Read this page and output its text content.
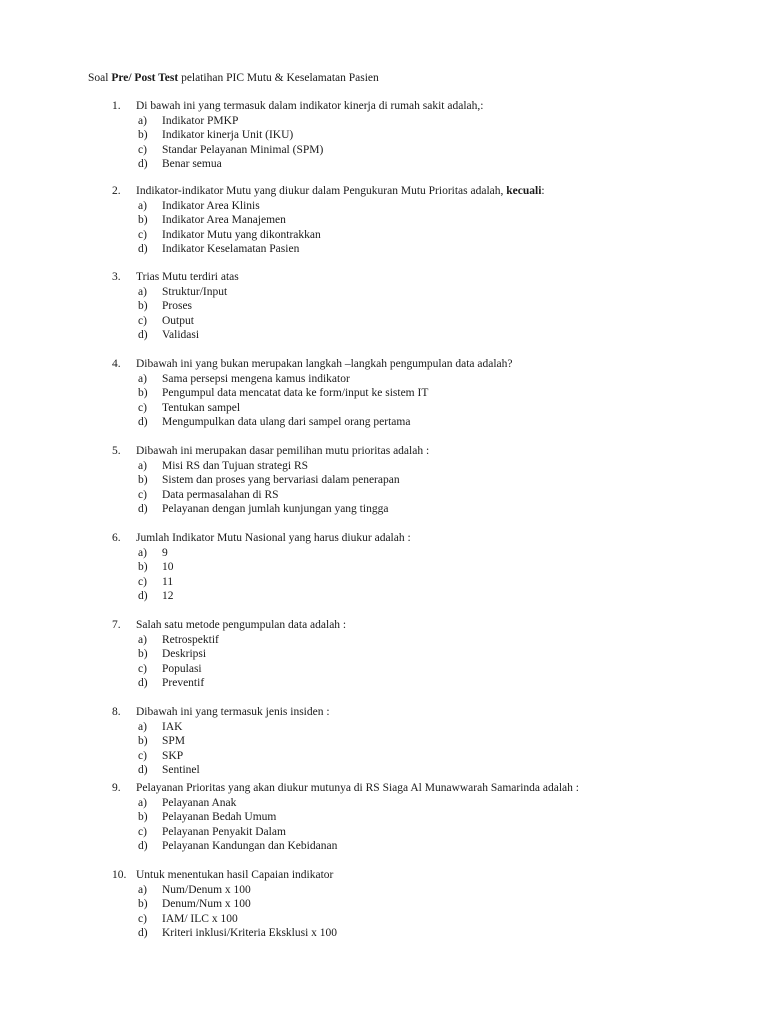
Soal Pre/ Post Test pelatihan PIC Mutu & Keselamatan Pasien
1. Di bawah ini yang termasuk dalam indikator kinerja di rumah sakit adalah,:
a) Indikator PMKP
b) Indikator kinerja Unit (IKU)
c) Standar Pelayanan Minimal (SPM)
d) Benar semua
2. Indikator-indikator Mutu yang diukur dalam Pengukuran Mutu Prioritas adalah, kecuali:
a) Indikator Area Klinis
b) Indikator Area Manajemen
c) Indikator Mutu yang dikontrakkan
d) Indikator Keselamatan Pasien
3. Trias Mutu terdiri atas
a) Struktur/Input
b) Proses
c) Output
d) Validasi
4. Dibawah ini yang bukan merupakan langkah –langkah pengumpulan data adalah?
a) Sama persepsi mengena kamus indikator
b) Pengumpul data mencatat data ke form/input ke sistem IT
c) Tentukan sampel
d) Mengumpulkan data ulang dari sampel orang pertama
5. Dibawah ini merupakan dasar pemilihan mutu prioritas adalah :
a) Misi RS dan Tujuan strategi RS
b) Sistem dan proses yang bervariasi dalam penerapan
c) Data permasalahan di RS
d) Pelayanan dengan jumlah kunjungan yang tingga
6. Jumlah Indikator Mutu Nasional yang harus diukur adalah :
a) 9
b) 10
c) 11
d) 12
7. Salah satu metode pengumpulan data adalah :
a) Retrospektif
b) Deskripsi
c) Populasi
d) Preventif
8. Dibawah ini yang termasuk jenis insiden :
a) IAK
b) SPM
c) SKP
d) Sentinel
9. Pelayanan Prioritas yang akan diukur mutunya di RS Siaga Al Munawwarah Samarinda adalah :
a) Pelayanan Anak
b) Pelayanan Bedah Umum
c) Pelayanan Penyakit Dalam
d) Pelayanan Kandungan dan Kebidanan
10. Untuk menentukan hasil Capaian indikator
a) Num/Denum x 100
b) Denum/Num x 100
c) IAM/ ILC x 100
d) Kriteri inklusi/Kriteria Eksklusi x 100
